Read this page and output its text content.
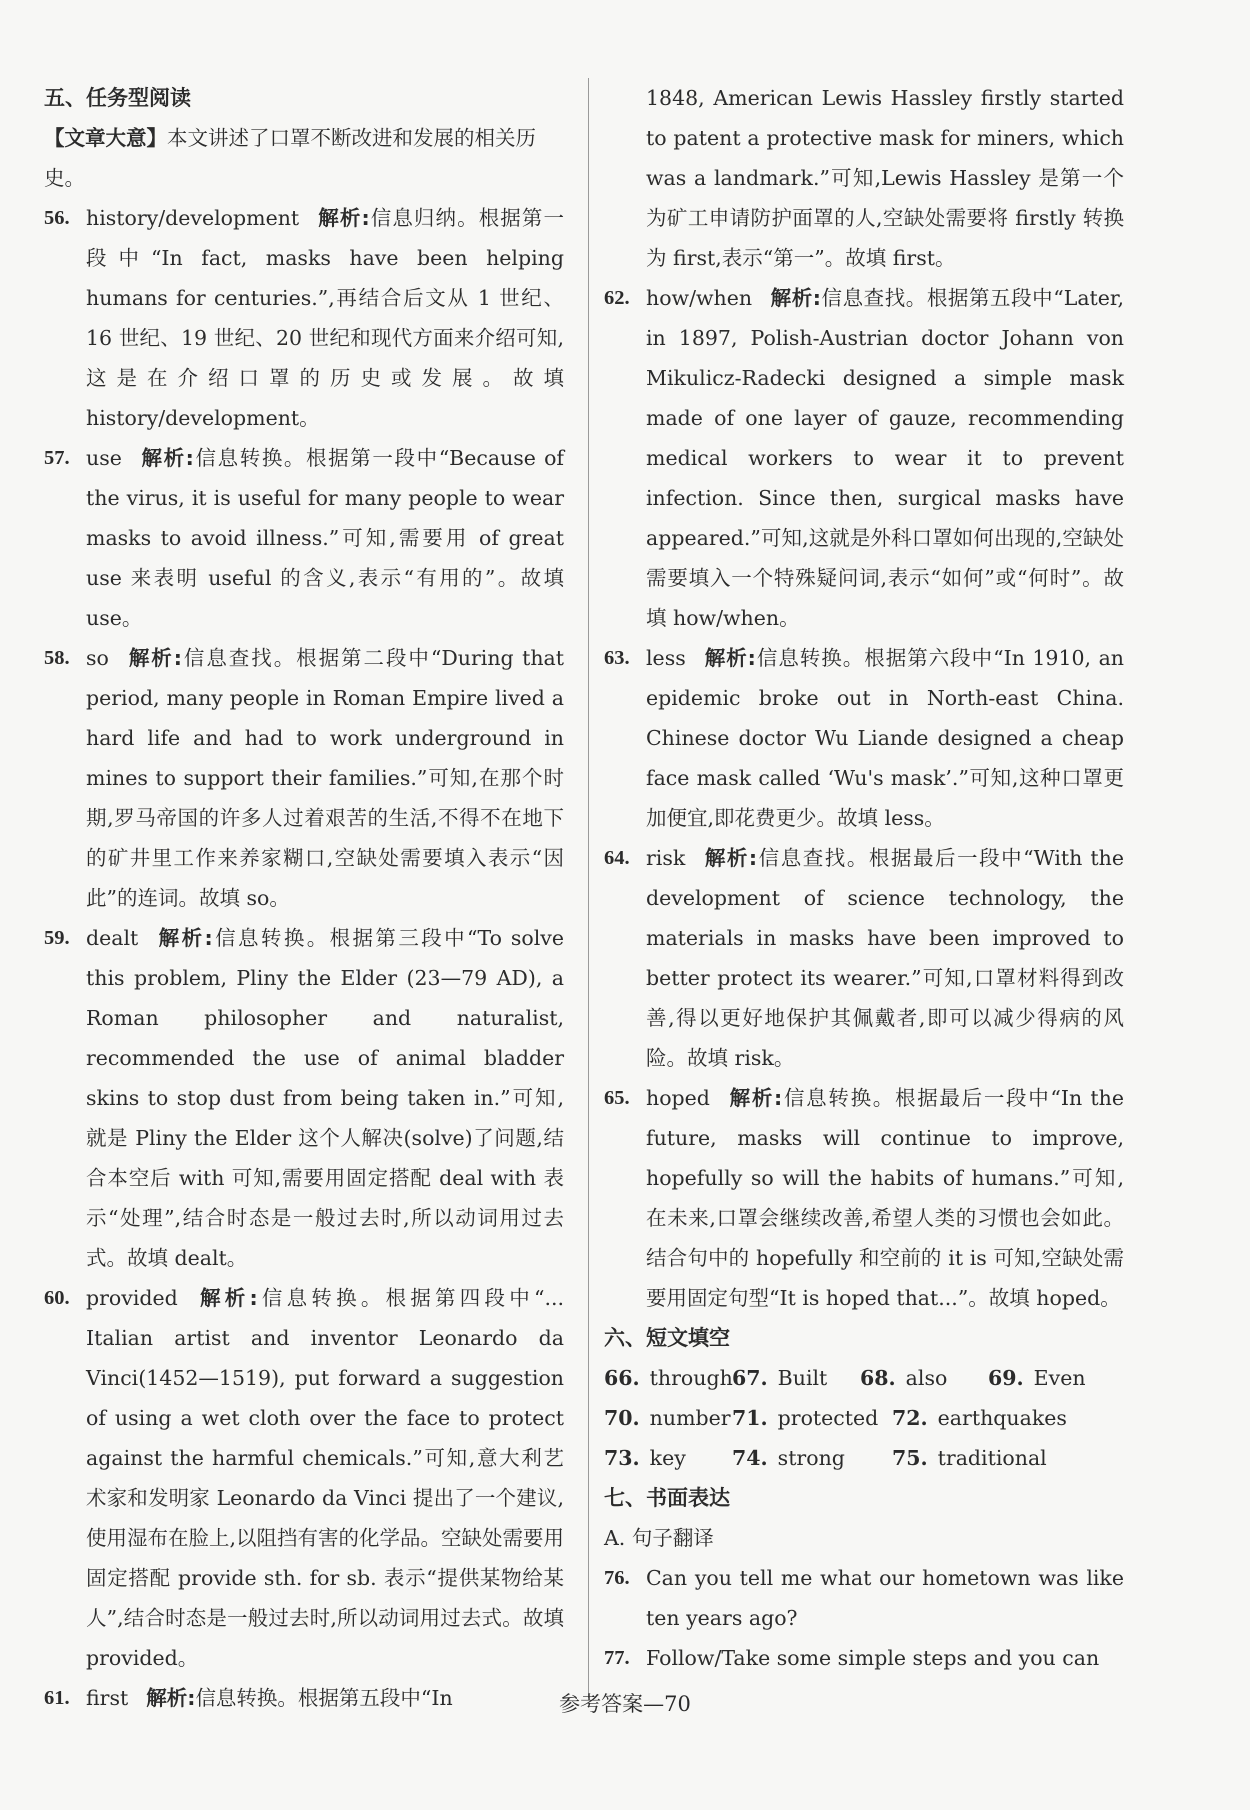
五、任务型阅读
【文章大意】本文讲述了口罩不断改进和发展的相关历史。
56. history/development 解析:信息归纳。根据第一段中“In fact, masks have been helping humans for centuries.”,再结合后文从 1 世纪、16 世纪、19 世纪、20 世纪和现代方面来介绍可知,这是在介绍口罩的历史或发展。故填 history/development。
57. use 解析:信息转换。根据第一段中“Because of the virus, it is useful for many people to wear masks to avoid illness.”可知,需要用 of great use 来表明 useful 的含义,表示“有用的”。故填 use。
58. so 解析:信息查找。根据第二段中“During that period, many people in Roman Empire lived a hard life and had to work underground in mines to support their families.”可知,在那个时期,罗马帝国的许多人过着艰苦的生活,不得不在地下的矿井里工作来养家糊口,空缺处需要填入表示“因此”的连词。故填 so。
59. dealt 解析:信息转换。根据第三段中“To solve this problem, Pliny the Elder (23—79 AD), a Roman philosopher and naturalist, recommended the use of animal bladder skins to stop dust from being taken in.”可知,就是 Pliny the Elder 这个人解决(solve)了问题,结合本空后 with 可知,需要用固定搭配 deal with 表示“处理”,结合时态是一般过去时,所以动词用过去式。故填 dealt。
60. provided 解析:信息转换。根据第四段中“... Italian artist and inventor Leonardo da Vinci(1452—1519), put forward a suggestion of using a wet cloth over the face to protect against the harmful chemicals.”可知,意大利艺术家和发明家 Leonardo da Vinci 提出了一个建议,使用湿布在脸上,以阻挡有害的化学品。空缺处需要用固定搭配 provide sth. for sb. 表示“提供某物给某人”,结合时态是一般过去时,所以动词用过去式。故填 provided。
61. first 解析:信息转换。根据第五段中“In
1848, American Lewis Hassley firstly started to patent a protective mask for miners, which was a landmark.”可知,Lewis Hassley 是第一个为矿工申请防护面罩的人,空缺处需要将 firstly 转换为 first,表示“第一”。故填 first。
62. how/when 解析:信息查找。根据第五段中“Later, in 1897, Polish-Austrian doctor Johann von Mikulicz-Radecki designed a simple mask made of one layer of gauze, recommending medical workers to wear it to prevent infection. Since then, surgical masks have appeared.”可知,这就是外科口罩如何出现的,空缺处需要填入一个特殊疑问词,表示“如何”或“何时”。故填 how/when。
63. less 解析:信息转换。根据第六段中“In 1910, an epidemic broke out in North-east China. Chinese doctor Wu Liande designed a cheap face mask called ‘Wu's mask’.”可知,这种口罩更加便宜,即花费更少。故填 less。
64. risk 解析:信息查找。根据最后一段中“With the development of science technology, the materials in masks have been improved to better protect its wearer.”可知,口罩材料得到改善,得以更好地保护其佩戴者,即可以减少得病的风险。故填 risk。
65. hoped 解析:信息转换。根据最后一段中“In the future, masks will continue to improve, hopefully so will the habits of humans.”可知,在未来,口罩会继续改善,希望人类的习惯也会如此。结合句中的 hopefully 和空前的 it is 可知,空缺处需要用固定句型“It is hoped that...”。故填 hoped。
六、短文填空
66. through 67. Built	68. also	69. Even
70. number 71. protected 72. earthquakes
73. key	74. strong	75. traditional
七、书面表达
A. 句子翻译
76. Can you tell me what our hometown was like ten years ago?
77. Follow/Take some simple steps and you can
参考答案—70
